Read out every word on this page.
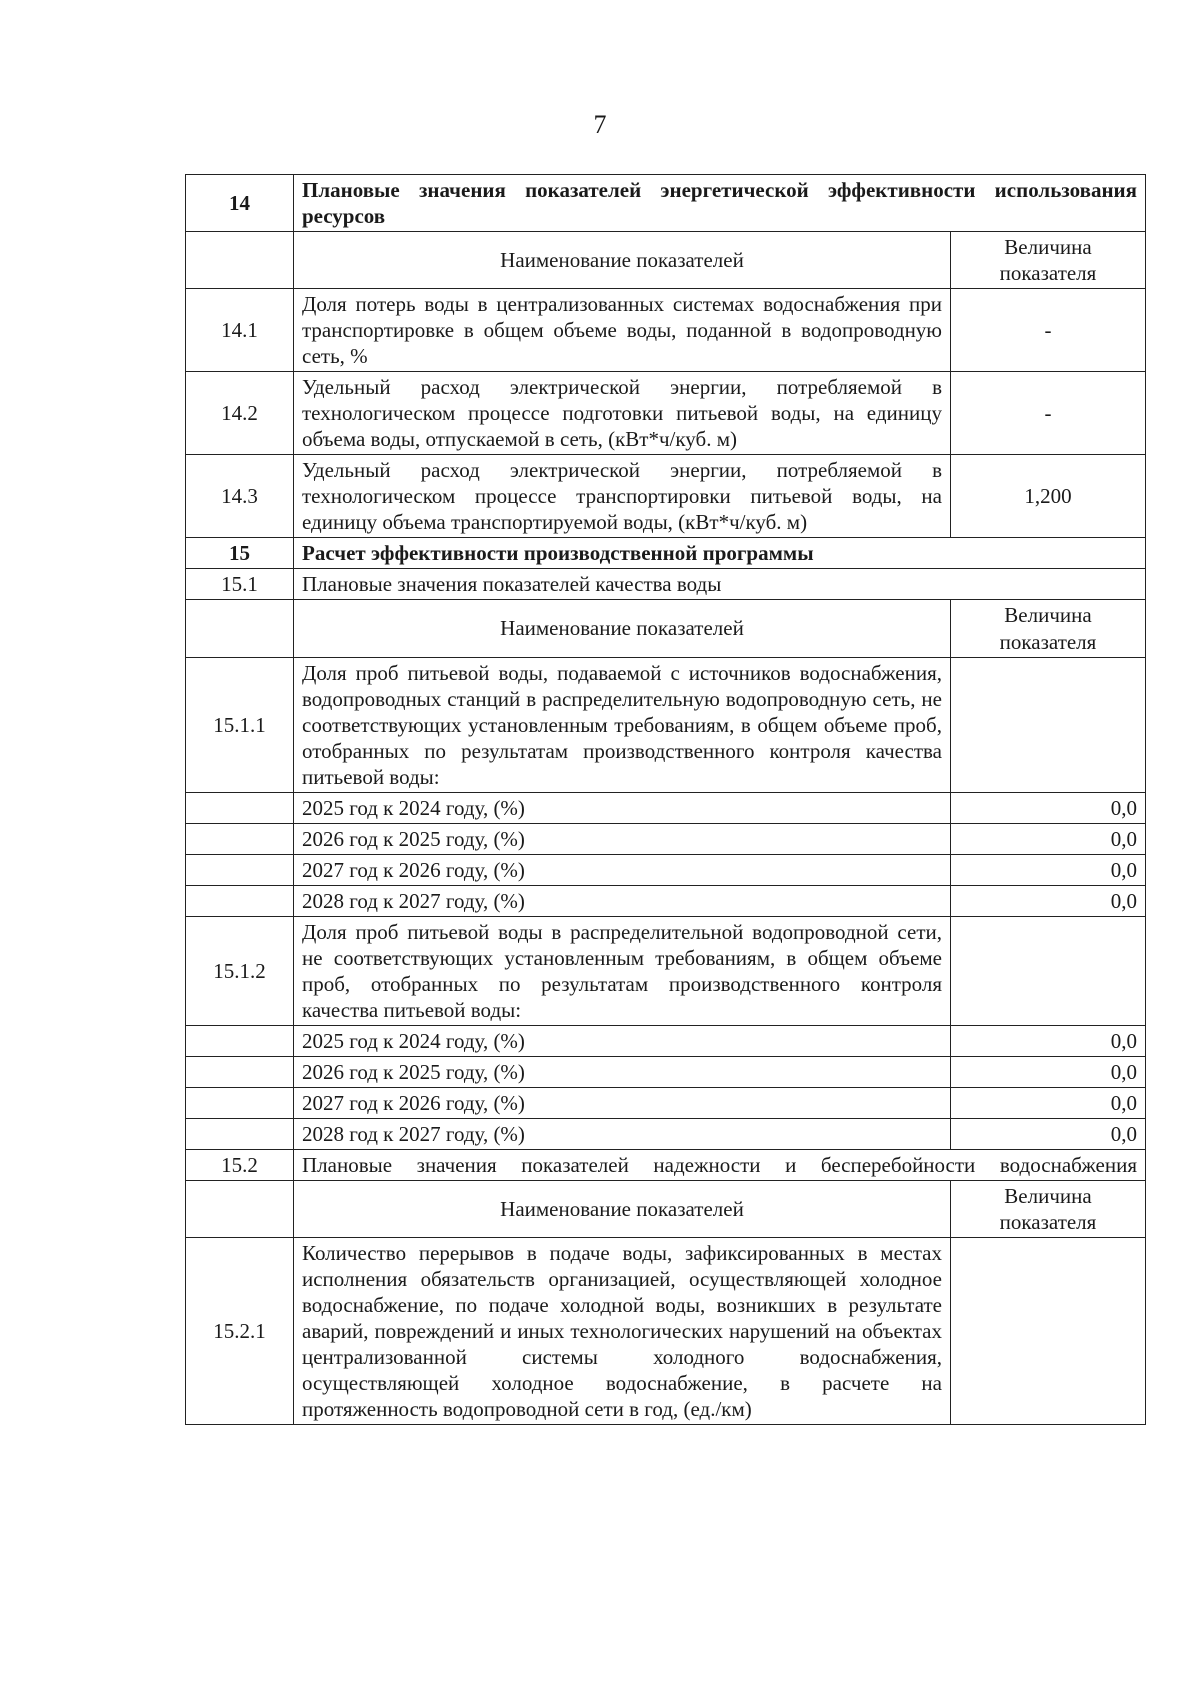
7
14	Плановые значения показателей энергетической эффективности использования ресурсов	
	Наименование показателей	Величина показателя
14.1	Доля потерь воды в централизованных системах водоснабжения при транспортировке в общем объеме воды, поданной в водопроводную сеть, %	-
14.2	Удельный расход электрической энергии, потребляемой в технологическом процессе подготовки питьевой воды, на единицу объема воды, отпускаемой в сеть, (кВт*ч/куб. м)	-
14.3	Удельный расход электрической энергии, потребляемой в технологическом процессе транспортировки питьевой воды, на единицу объема транспортируемой воды, (кВт*ч/куб. м)	1,200
15	Расчет эффективности производственной программы	
15.1	Плановые значения показателей качества воды	
	Наименование показателей	Величина показателя
15.1.1	Доля проб питьевой воды, подаваемой с источников водоснабжения, водопроводных станций в распределительную водопроводную сеть, не соответствующих установленным требованиям, в общем объеме проб, отобранных по результатам производственного контроля качества питьевой воды:	
	2025 год к 2024 году, (%)	0,0
	2026 год к 2025 году, (%)	0,0
	2027 год к 2026 году, (%)	0,0
	2028 год к 2027 году, (%)	0,0
15.1.2	Доля проб питьевой воды в распределительной водопроводной сети, не соответствующих установленным требованиям, в общем объеме проб, отобранных по результатам производственного контроля качества питьевой воды:	
	2025 год к 2024 году, (%)	0,0
	2026 год к 2025 году, (%)	0,0
	2027 год к 2026 году, (%)	0,0
	2028 год к 2027 году, (%)	0,0
15.2	Плановые значения показателей надежности и бесперебойности водоснабжения	
	Наименование показателей	Величина показателя
15.2.1	Количество перерывов в подаче воды, зафиксированных в местах исполнения обязательств организацией, осуществляющей холодное водоснабжение, по подаче холодной воды, возникших в результате аварий, повреждений и иных технологических нарушений на объектах централизованной системы холодного водоснабжения, осуществляющей холодное водоснабжение, в расчете на протяженность водопроводной сети в год, (ед./км)	
